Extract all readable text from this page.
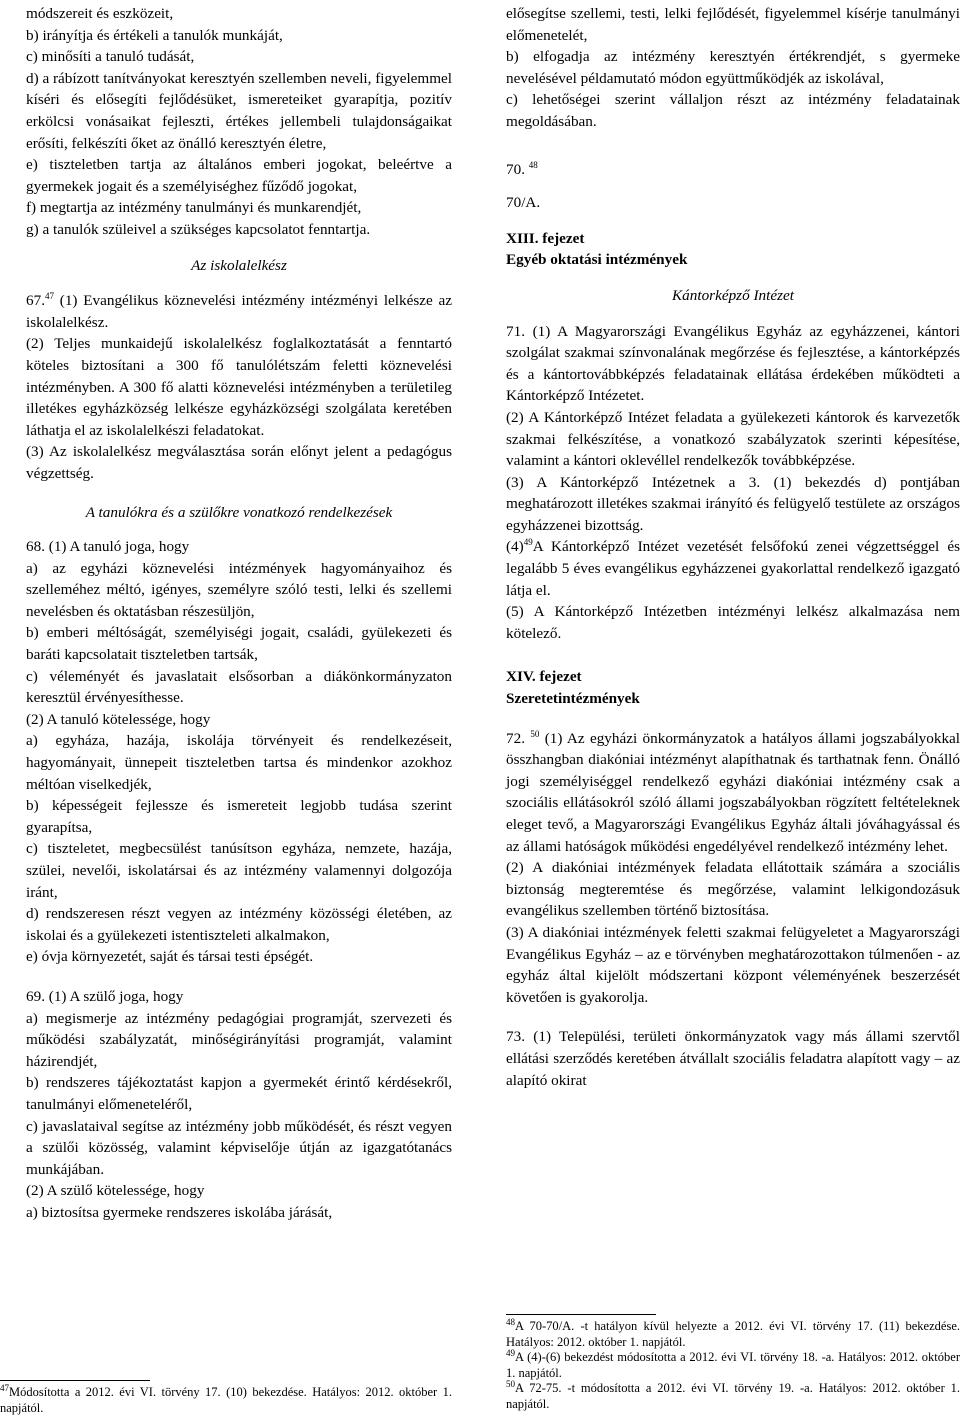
módszereit és eszközeit,

b) irányítja és értékeli a tanulók munkáját,

c) minősíti a tanuló tudását,

d) a rábízott tanítványokat keresztyén szellemben neveli, figyelemmel kíséri és elősegíti fejlődésüket, ismereteiket gyarapítja, pozitív erkölcsi vonásaikat fejleszti, értékes jellembeli tulajdonságaikat erősíti, felkészíti őket az önálló keresztyén életre,

e) tiszteletben tartja az általános emberi jogokat, beleértve a gyermekek jogait és a személyiséghez fűződő jogokat,

f) megtartja az intézmény tanulmányi és munkarendjét,

g) a tanulók szüleivel a szükséges kapcsolatot fenntartja.

Az iskolalelkész

67.47 (1) Evangélikus köznevelési intézmény intézményi lelkésze az iskolalelkész.

(2) Teljes munkaidejű iskolalelkész foglalkoztatását a fenntartó köteles biztosítani a 300 fő tanulólétszám feletti köznevelési intézményben. A 300 fő alatti köznevelési intézményben a területileg illetékes egyházközség lelkésze egyházközségi szolgálata keretében láthatja el az iskolalelkészi feladatokat.

(3) Az iskolalelkész megválasztása során előnyt jelent a pedagógus végzettség.

A tanulókra és a szülőkre vonatkozó rendelkezések

68. (1) A tanuló joga, hogy

a) az egyházi köznevelési intézmények hagyományaihoz és szelleméhez méltó, igényes, személyre szóló testi, lelki és szellemi nevelésben és oktatásban részesüljön,

b) emberi méltóságát, személyiségi jogait, családi, gyülekezeti és baráti kapcsolatait tiszteletben tartsák,

c) véleményét és javaslatait elsősorban a diákönkormányzaton keresztül érvényesíthesse.

(2) A tanuló kötelessége, hogy

a) egyháza, hazája, iskolája törvényeit és rendelkezéseit, hagyományait, ünnepeit tiszteletben tartsa és mindenkor azokhoz méltóan viselkedjék,

b) képességeit fejlessze és ismereteit legjobb tudása szerint gyarapítsa,

c) tiszteletet, megbecsülést tanúsítson egyháza, nemzete, hazája, szülei, nevelői, iskolatársai és az intézmény valamennyi dolgozója iránt,

d) rendszeresen részt vegyen az intézmény közösségi életében, az iskolai és a gyülekezeti istentiszteleti alkalmakon,

e) óvja környezetét, saját és társai testi épségét.

69. (1) A szülő joga, hogy

a) megismerje az intézmény pedagógiai programját, szervezeti és működési szabályzatát, minőségirányítási programját, valamint házirendjét,

b) rendszeres tájékoztatást kapjon a gyermekét érintő kérdésekről, tanulmányi előmeneteléről,

c) javaslataival segítse az intézmény jobb működését, és részt vegyen a szülői közösség, valamint képviselője útján az igazgatótanács munkájában.

(2) A szülő kötelessége, hogy

a) biztosítsa gyermeke rendszeres iskolába járását,

$^{47}$Módosította a 2012. évi VI. törvény 17. (10) bekezdése. Hatályos: 2012. október 1. napjától.

elősegítse szellemi, testi, lelki fejlődését, figyelemmel kísérje tanulmányi előmenetelét,

b) elfogadja az intézmény keresztyén értékrendjét, s gyermeke nevelésével példamutató módon együttműködjék az iskolával,

c) lehetőségei szerint vállaljon részt az intézmény feladatainak megoldásában.

70. $^{48}$

70/A.

XIII. fejezet

Egyéb oktatási intézmények

Kántorképző Intézet

71. (1) A Magyarországi Evangélikus Egyház az egyházzenei, kántori szolgálat szakmai színvonalának megőrzése és fejlesztése, a kántorképzés és a kántortovábbképzés feladatainak ellátása érdekében működteti a Kántorképző Intézetet.

(2) A Kántorképző Intézet feladata a gyülekezeti kántorok és karvezetők szakmai felkészítése, a vonatkozó szabályzatok szerinti képesítése, valamint a kántori oklevéllel rendelkezők továbbképzése.

(3) A Kántorképző Intézetnek a 3. (1) bekezdés d) pontjában meghatározott illetékes szakmai irányító és felügyelő testülete az országos egyházzenei bizottság.

$(4)^{49}A$ Kántorképző Intézet vezetését felsőfokú zenei végzettséggel és legalább 5 éves evangélikus egyházzenei gyakorlattal rendelkező igazgató látja el.

(5) A Kántorképző Intézetben intézményi lelkész alkalmazása nem kötelező.

XIV. fejezet

Szeretetintézmények

72. $^{50}$ (1) Az egyházi önkormányzatok a hatályos állami jogszabályokkal összhangban diakóniai intézményt alapíthatnak és tarthatnak fenn. Önálló jogi személyiséggel rendelkező egyházi diakóniai intézmény csak a szociális ellátásokról szóló állami jogszabályokban rögzített feltételeknek eleget tevő, a Magyarországi Evangélikus Egyház általi jóváhagyással és az állami hatóságok működési engedélyével rendelkező intézmény lehet.

(2) A diakóniai intézmények feladata ellátottaik számára a szociális biztonság megteremtése és megőrzése, valamint lelkigondozásuk evangélikus szellemben történő biztosítása.

(3) A diakóniai intézmények feletti szakmai felügyeletet a Magyarországi Evangélikus Egyház – az e törvényben meghatározottakon túlmenően - az egyház által kijelölt módszertani központ véleményének beszerzését követően is gyakorolja.

73. (1) Települési, területi önkormányzatok vagy más állami szervtől ellátási szerződés keretében átvállalt szociális feladatra alapított vagy – az alapító okirat

$^{48}$A 70-70/A. -t hatályon kívül helyezte a 2012. évi VI. törvény 17. (11) bekezdése. Hatályos: 2012. október 1. napjától.

$^{49}$A (4)-(6) bekezdést módosította a 2012. évi VI. törvény 18. -a. Hatályos: 2012. október 1. napjától.

$^{50}$A 72-75. -t módosította a 2012. évi VI. törvény 19. -a. Hatályos: 2012. október 1. napjától.
